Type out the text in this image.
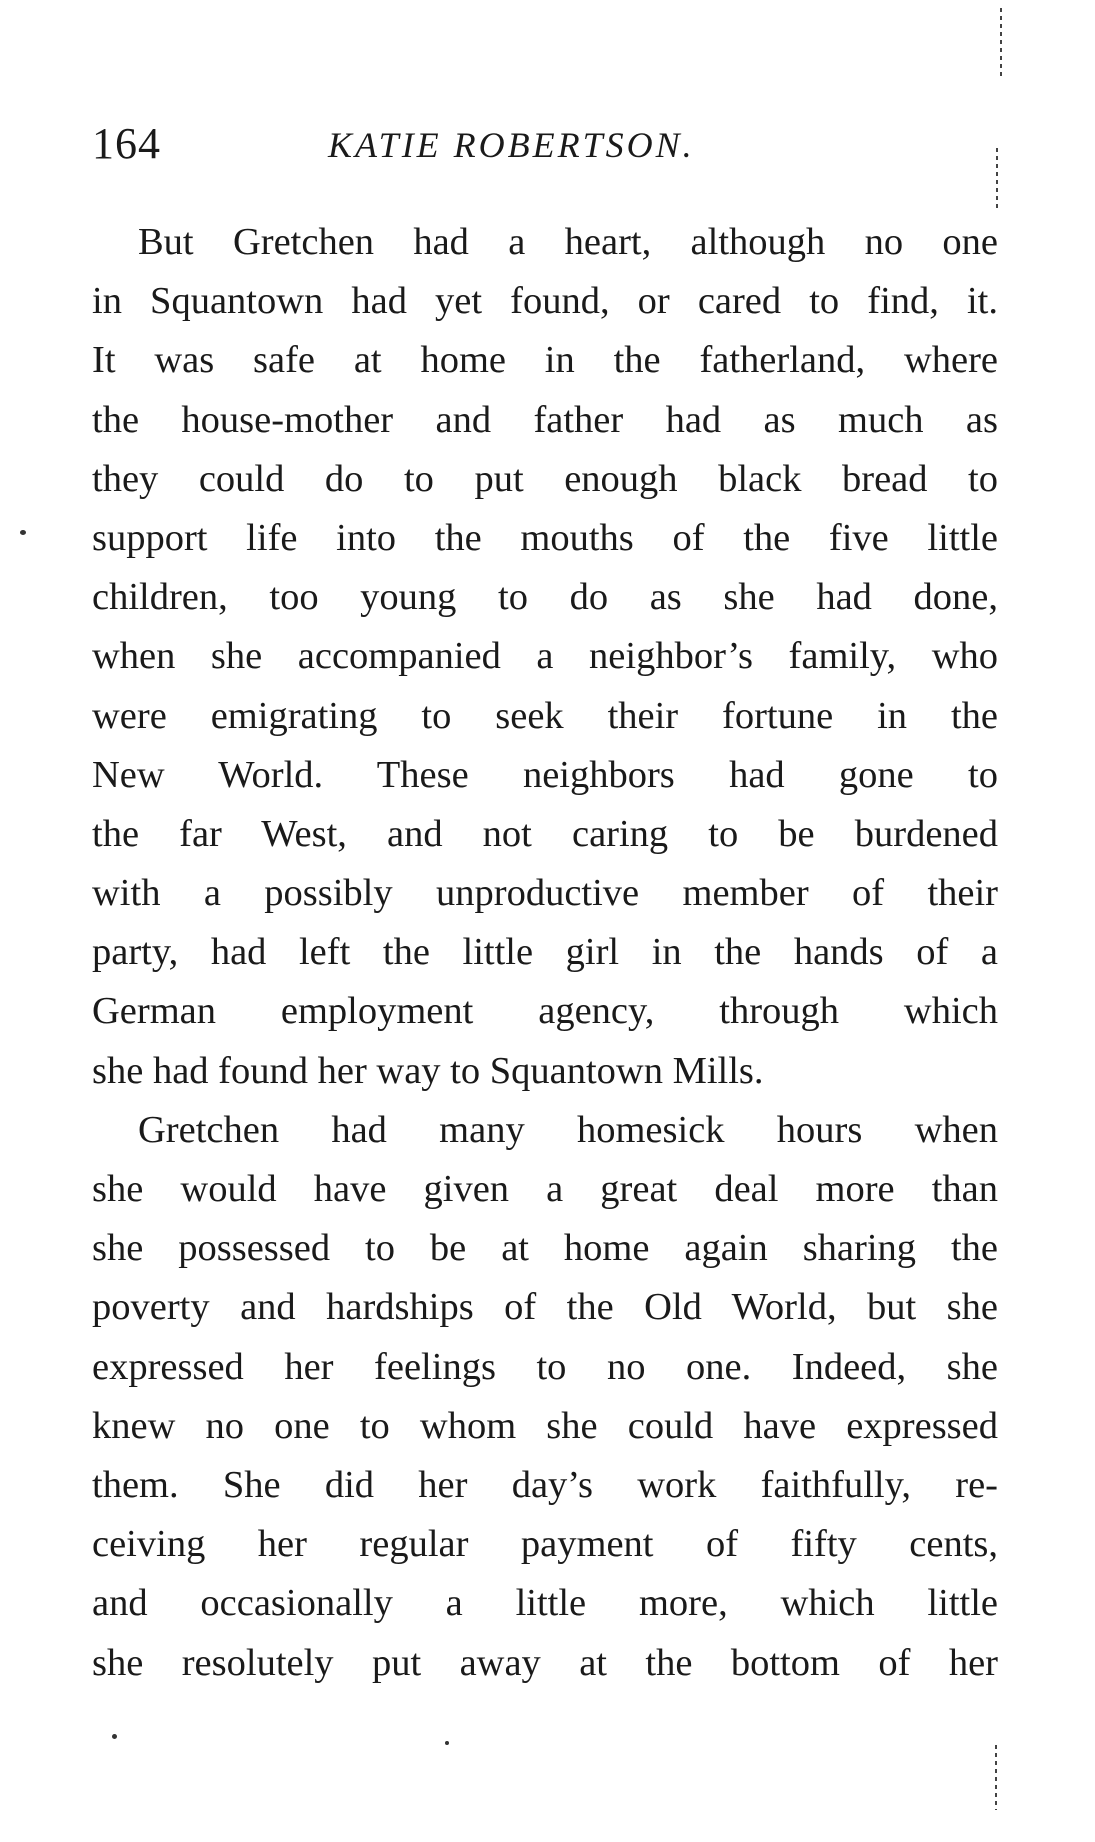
164	KATIE ROBERTSON.
But Gretchen had a heart, although no one
in Squantown had yet found, or cared to find, it.
It was safe at home in the fatherland, where
the house-mother and father had as much as
they could do to put enough black bread to
support life into the mouths of the five little
children, too young to do as she had done,
when she accompanied a neighbor’s family, who
were emigrating to seek their fortune in the
New World. These neighbors had gone to
the far West, and not caring to be burdened
with a possibly unproductive member of their
party, had left the little girl in the hands of a
German employment agency, through which
she had found her way to Squantown Mills.
Gretchen had many homesick hours when
she would have given a great deal more than
she possessed to be at home again sharing the
poverty and hardships of the Old World, but she
expressed her feelings to no one. Indeed, she
knew no one to whom she could have expressed
them. She did her day’s work faithfully, re-
ceiving her regular payment of fifty cents,
and occasionally a little more, which little
she resolutely put away at the bottom of her
